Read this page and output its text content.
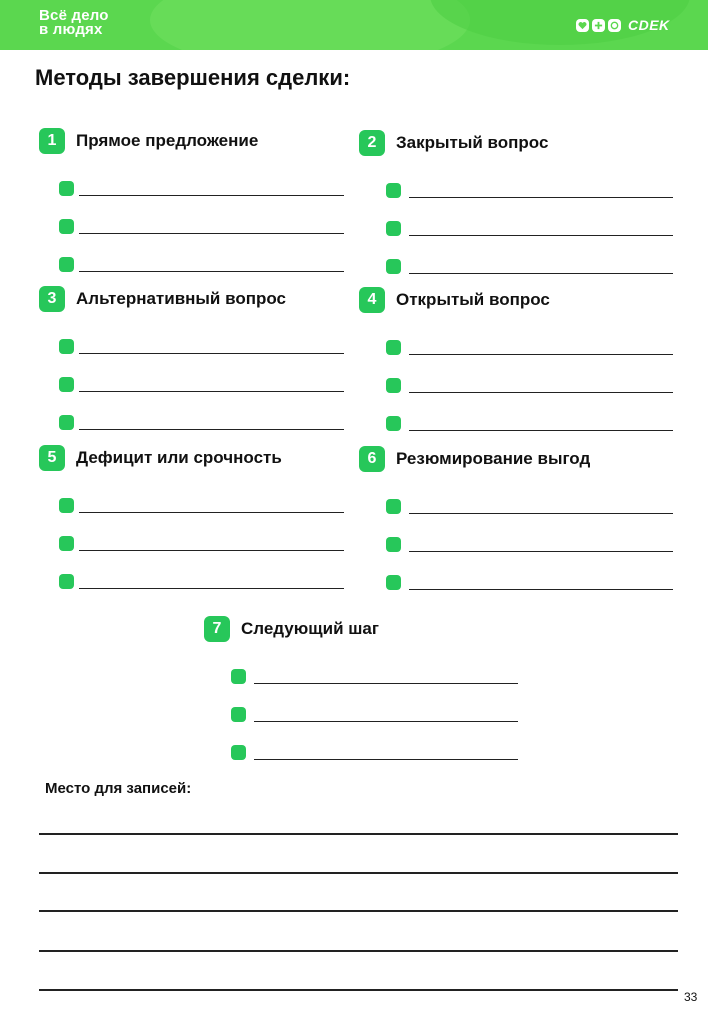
Всё дело
в людях	CDEK
Методы завершения сделки:
1	Прямое предложение	2	Закрытый вопрос
3	Альтернативный вопрос	4	Открытый вопрос
5	Дефицит или срочность	6	Резюмирование выгод
7	Следующий шаг
Место для записей:
33
